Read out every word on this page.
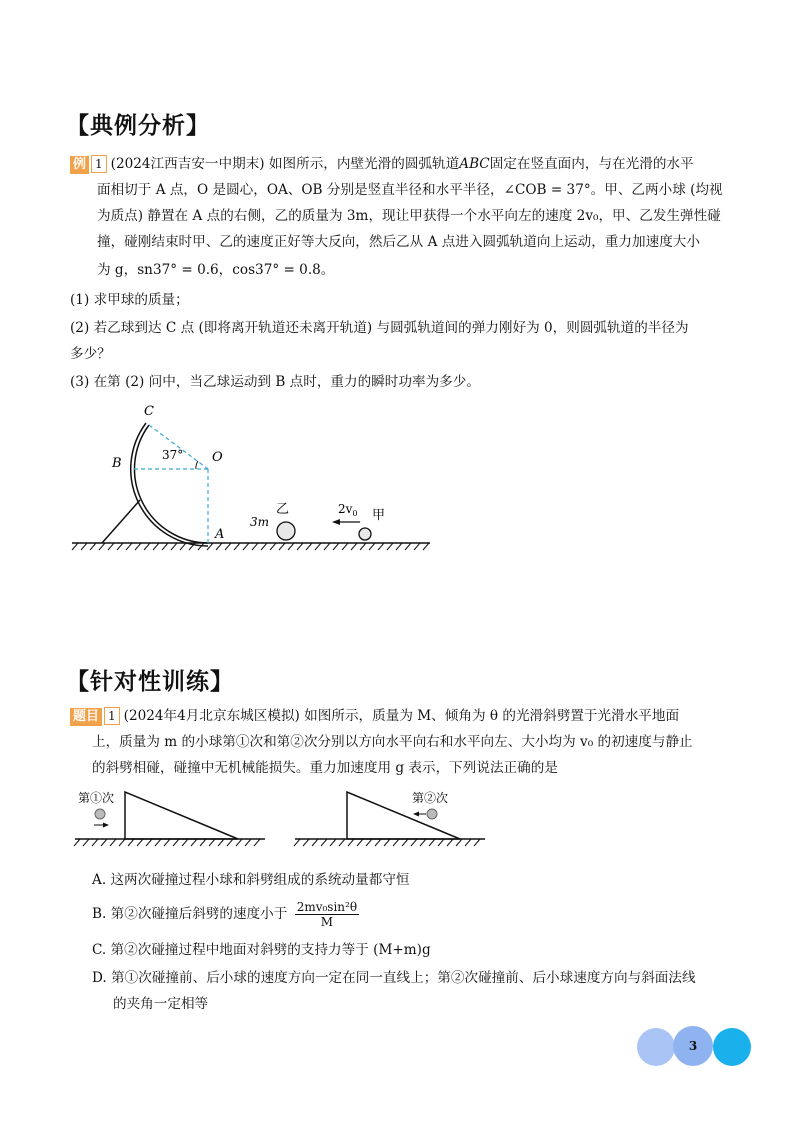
【典例分析】
例 1 (2024江西吉安一中期末) 如图所示，内壁光滑的圆弧轨道ABC固定在竖直面内，与在光滑的水平
面相切于 A 点，O 是圆心，OA、OB 分别是竖直半径和水平半径，∠COB = 37°。甲、乙两小球 (均视
为质点) 静置在 A 点的右侧，乙的质量为 3m，现让甲获得一个水平向左的速度 2v₀，甲、乙发生弹性碰
撞，碰刚结束时甲、乙的速度正好等大反向，然后乙从 A 点进入圆弧轨道向上运动，重力加速度大小
为 g，sn37° = 0.6，cos37° = 0.8。
(1) 求甲球的质量；
(2) 若乙球到达 C 点 (即将离开轨道还未离开轨道) 与圆弧轨道间的弹力刚好为 0，则圆弧轨道的半径为
多少？
(3) 在第 (2) 问中，当乙球运动到 B 点时，重力的瞬时功率为多少。
C
B	O
A
37°
3m
乙	甲
$2v_0$
【针对性训练】
题目 1 (2024年4月北京东城区模拟) 如图所示，质量为 M、倾角为 θ 的光滑斜劈置于光滑水平地面
上，质量为 m 的小球第①次和第②次分别以方向水平向右和水平向左、大小均为 v₀ 的初速度与静止
的斜劈相碰，碰撞中无机械能损失。重力加速度用 g 表示，下列说法正确的是
第①次	第②次
A. 这两次碰撞过程小球和斜劈组成的系统动量都守恒
B. 第②次碰撞后斜劈的速度小于 $\frac{\text{2mv₀sin²θ}}{M}$
C. 第②次碰撞过程中地面对斜劈的支持力等于 (M+m)g
D. 第①次碰撞前、后小球的速度方向一定在同一直线上；第②次碰撞前、后小球速度方向与斜面法线
的夹角一定相等
3
